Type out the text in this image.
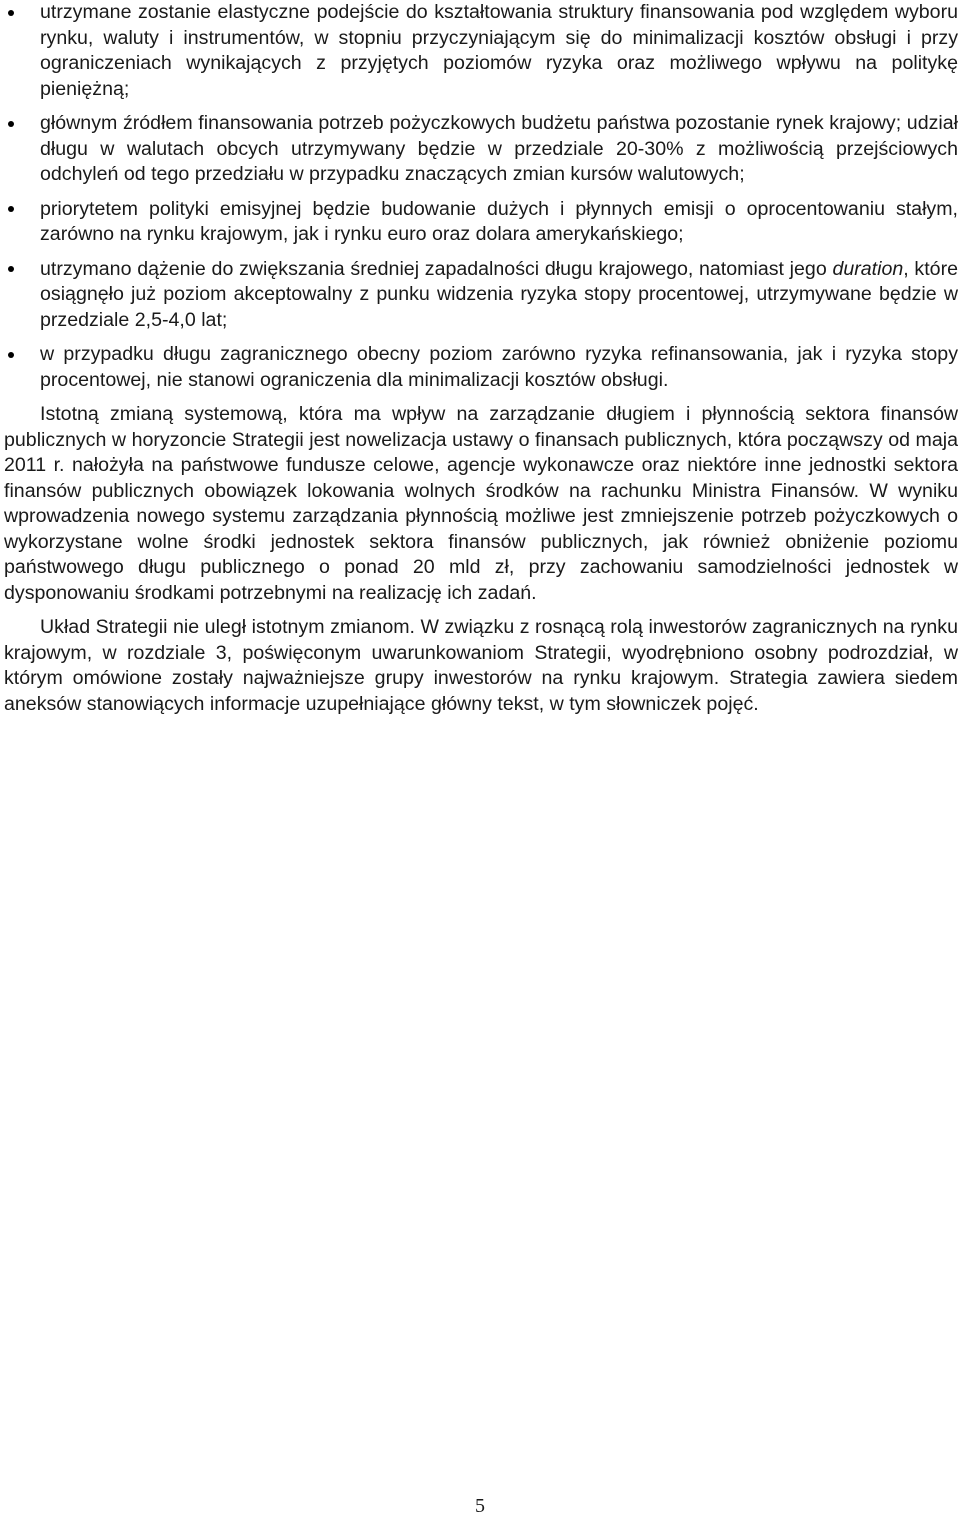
utrzymane zostanie elastyczne podejście do kształtowania struktury finansowania pod względem wyboru rynku, waluty i instrumentów, w stopniu przyczyniającym się do minimalizacji kosztów obsługi i przy ograniczeniach wynikających z przyjętych poziomów ryzyka oraz możliwego wpływu na politykę pieniężną;
głównym źródłem finansowania potrzeb pożyczkowych budżetu państwa pozostanie rynek krajowy; udział długu w walutach obcych utrzymywany będzie w przedziale 20-30% z możliwością przejściowych odchyleń od tego przedziału w przypadku znaczących zmian kursów walutowych;
priorytetem polityki emisyjnej będzie budowanie dużych i płynnych emisji o oprocentowaniu stałym, zarówno na rynku krajowym, jak i rynku euro oraz dolara amerykańskiego;
utrzymano dążenie do zwiększania średniej zapadalności długu krajowego, natomiast jego duration, które osiągnęło już poziom akceptowalny z punku widzenia ryzyka stopy procentowej, utrzymywane będzie w przedziale 2,5-4,0 lat;
w przypadku długu zagranicznego obecny poziom zarówno ryzyka refinansowania, jak i ryzyka stopy procentowej, nie stanowi ograniczenia dla minimalizacji kosztów obsługi.

Istotną zmianą systemową, która ma wpływ na zarządzanie długiem i płynnością sektora finansów publicznych w horyzoncie Strategii jest nowelizacja ustawy o finansach publicznych, która począwszy od maja 2011 r. nałożyła na państwowe fundusze celowe, agencje wykonawcze oraz niektóre inne jednostki sektora finansów publicznych obowiązek lokowania wolnych środków na rachunku Ministra Finansów. W wyniku wprowadzenia nowego systemu zarządzania płynnością możliwe jest zmniejszenie potrzeb pożyczkowych o wykorzystane wolne środki jednostek sektora finansów publicznych, jak również obniżenie poziomu państwowego długu publicznego o ponad 20 mld zł, przy zachowaniu samodzielności jednostek w dysponowaniu środkami potrzebnymi na realizację ich zadań.

Układ Strategii nie uległ istotnym zmianom. W związku z rosnącą rolą inwestorów zagranicznych na rynku krajowym, w rozdziale 3, poświęconym uwarunkowaniom Strategii, wyodrębniono osobny podrozdział, w którym omówione zostały najważniejsze grupy inwestorów na rynku krajowym. Strategia zawiera siedem aneksów stanowiących informacje uzupełniające główny tekst, w tym słowniczek pojęć.

5
